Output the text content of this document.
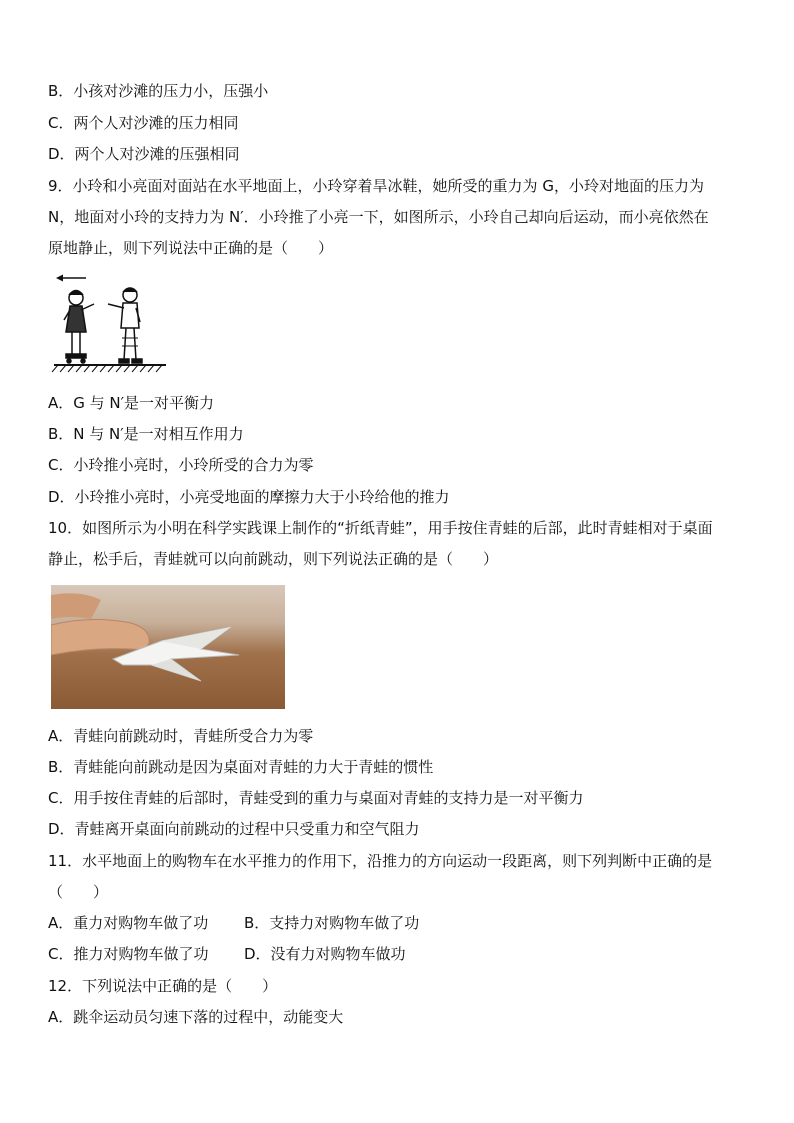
B．小孩对沙滩的压力小，压强小
C．两个人对沙滩的压力相同
D．两个人对沙滩的压强相同
9．小玲和小亮面对面站在水平地面上，小玲穿着旱冰鞋，她所受的重力为 G，小玲对地面的压力为
N，地面对小玲的支持力为 N′．小玲推了小亮一下，如图所示，小玲自己却向后运动，而小亮依然在
原地静止，则下列说法中正确的是（　　）
A．G 与 N′是一对平衡力
B．N 与 N′是一对相互作用力
C．小玲推小亮时，小玲所受的合力为零
D．小玲推小亮时，小亮受地面的摩擦力大于小玲给他的推力
10．如图所示为小明在科学实践课上制作的“折纸青蛙”，用手按住青蛙的后部，此时青蛙相对于桌面
静止，松手后，青蛙就可以向前跳动，则下列说法正确的是（　　）
A．青蛙向前跳动时，青蛙所受合力为零
B．青蛙能向前跳动是因为桌面对青蛙的力大于青蛙的惯性
C．用手按住青蛙的后部时，青蛙受到的重力与桌面对青蛙的支持力是一对平衡力
D．青蛙离开桌面向前跳动的过程中只受重力和空气阻力
11．水平地面上的购物车在水平推力的作用下，沿推力的方向运动一段距离，则下列判断中正确的是
（　　）
A．重力对购物车做了功 B．支持力对购物车做了功
C．推力对购物车做了功 D．没有力对购物车做功
12．下列说法中正确的是（　　）
A．跳伞运动员匀速下落的过程中，动能变大
